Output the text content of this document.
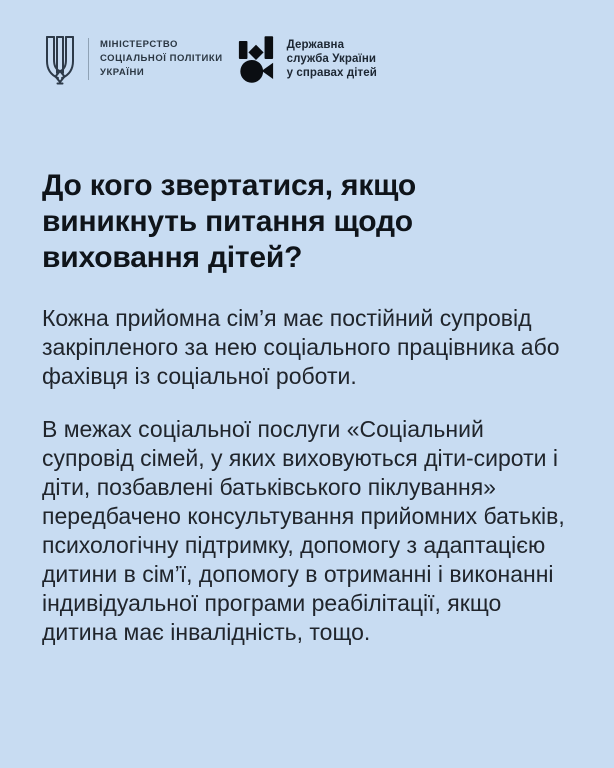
МІНІСТЕРСТВО
СОЦІАЛЬНОЇ ПОЛІТИКИ
УКРАЇНИ
Державна
служба України
у справах дітей
До кого звертатися, якщо виникнуть питання щодо виховання дітей?

Кожна прийомна сім’я має постійний супровід закріпленого за нею соціального працівника або фахівця із соціальної роботи.

В межах соціальної послуги «Соціальний супровід сімей, у яких виховуються діти-сироти і діти, позбавлені батьківського піклування» передбачено консультування прийомних батьків, психологічну підтримку, допомогу з адаптацією дитини в сім’ї, допомогу в отриманні і виконанні індивідуальної програми реабілітації, якщо дитина має інвалідність, тощо.
